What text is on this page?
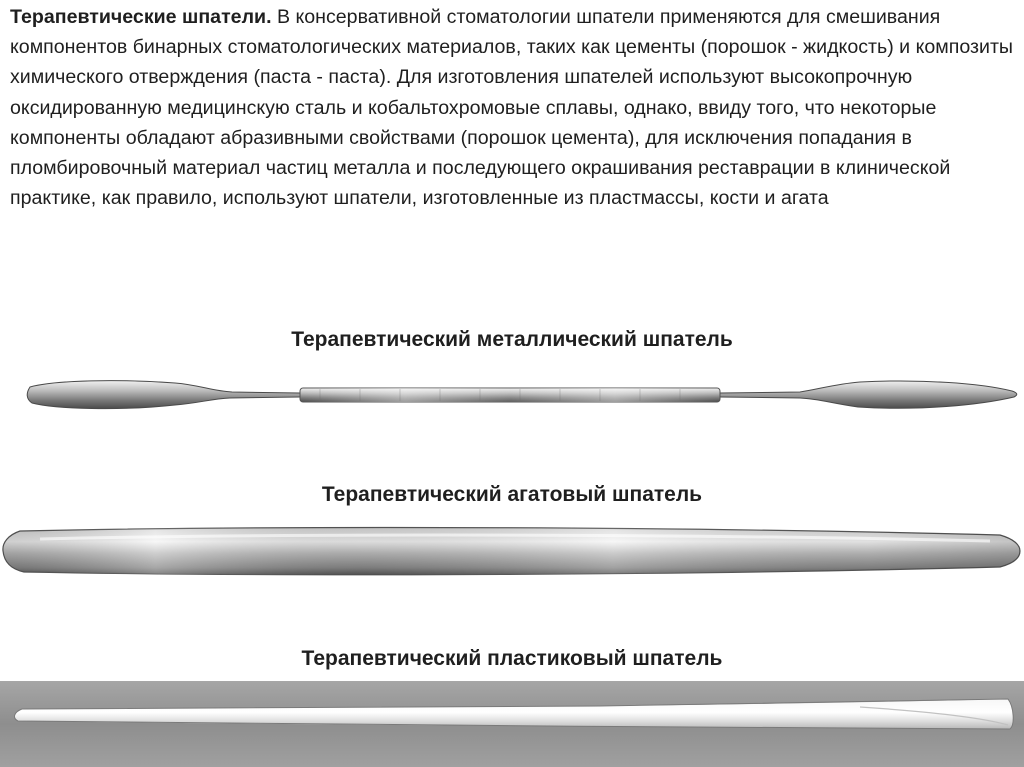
Терапевтические шпатели. В консервативной стоматологии шпатели применяются для смешивания компонентов бинарных стоматологических материалов, таких как цементы (порошок - жидкость) и композиты химического отверждения (паста - паста). Для изготовления шпателей используют высокопрочную оксидированную медицинскую сталь и кобальтохромовые сплавы, однако, ввиду того, что некоторые компоненты обладают абразивными свойствами (порошок цемента), для исключения попадания в пломбировочный материал частиц металла и последующего окрашивания реставрации в клинической практике, как правило, используют шпатели, изготовленные из пластмассы, кости и агата

Терапевтический металлический шпатель
Терапевтический агатовый шпатель
Терапевтический пластиковый шпатель
